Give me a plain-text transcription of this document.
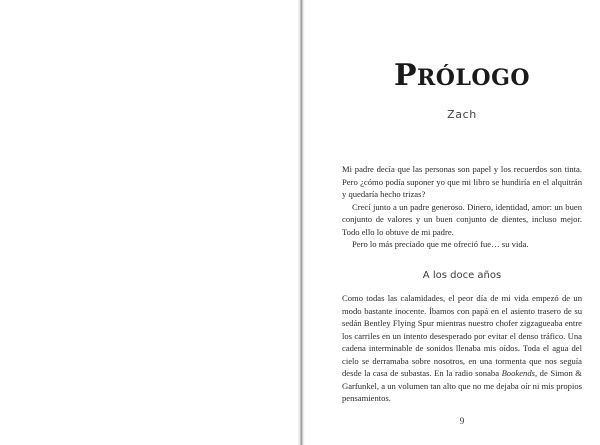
PRÓLOGO
Zach

Mi padre decía que las personas son papel y los recuerdos son tinta. Pero ¿cómo podía suponer yo que mi libro se hundiría en el alquitrán y quedaría hecho trizas?

Crecí junto a un padre generoso. Dinero, identidad, amor: un buen conjunto de valores y un buen conjunto de dientes, incluso mejor. Todo ello lo obtuve de mi padre.

Pero lo más preciado que me ofreció fue… su vida.

A los doce años

Como todas las calamidades, el peor día de mi vida empezó de un modo bastante inocente. Íbamos con papá en el asiento trasero de su sedán Bentley Flying Spur mientras nuestro chofer zigzagueaba entre los carriles en un intento desesperado por evitar el denso tráfico. Una cadena interminable de sonidos llenaba mis oídos. Toda el agua del cielo se derramaba sobre nosotros, en una tormenta que nos seguía desde la casa de subastas. En la radio sonaba Bookends, de Simon & Garfunkel, a un volumen tan alto que no me dejaba oír ni mis propios pensamientos.

9
